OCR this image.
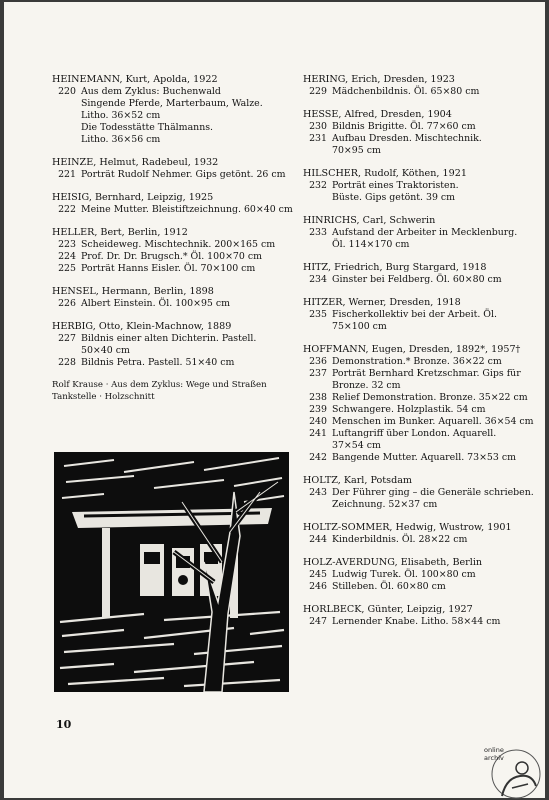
HEINEMANN, Kurt, Apolda, 1922
220 Aus dem Zyklus: Buchenwald
Singende Pferde, Marterbaum, Walze.
Litho. 36×52 cm
Die Todesstätte Thälmanns.
Litho. 36×56 cm
HEINZE, Helmut, Radebeul, 1932
221 Porträt Rudolf Nehmer. Gips getönt. 26 cm
HEISIG, Bernhard, Leipzig, 1925
222 Meine Mutter. Bleistiftzeichnung. 60×40 cm
HELLER, Bert, Berlin, 1912
223 Scheideweg. Mischtechnik. 200×165 cm
224 Prof. Dr. Dr. Brugsch.* Öl. 100×70 cm
225 Porträt Hanns Eisler. Öl. 70×100 cm
HENSEL, Hermann, Berlin, 1898
226 Albert Einstein. Öl. 100×95 cm
HERBIG, Otto, Klein-Machnow, 1889
227 Bildnis einer alten Dichterin. Pastell.
50×40 cm
228 Bildnis Petra. Pastell. 51×40 cm
Rolf Krause · Aus dem Zyklus: Wege und Straßen
Tankstelle · Holzschnitt
HERING, Erich, Dresden, 1923
229 Mädchenbildnis. Öl. 65×80 cm
HESSE, Alfred, Dresden, 1904
230 Bildnis Brigitte. Öl. 77×60 cm
231 Aufbau Dresden. Mischtechnik.
70×95 cm
HILSCHER, Rudolf, Köthen, 1921
232 Porträt eines Traktoristen.
Büste. Gips getönt. 39 cm
HINRICHS, Carl, Schwerin
233 Aufstand der Arbeiter in Mecklenburg.
Öl. 114×170 cm
HITZ, Friedrich, Burg Stargard, 1918
234 Ginster bei Feldberg. Öl. 60×80 cm
HITZER, Werner, Dresden, 1918
235 Fischerkollektiv bei der Arbeit. Öl.
75×100 cm
HOFFMANN, Eugen, Dresden, 1892*, 1957†
236 Demonstration.* Bronze. 36×22 cm
237 Porträt Bernhard Kretzschmar. Gips für
Bronze. 32 cm
238 Relief Demonstration. Bronze. 35×22 cm
239 Schwangere. Holzplastik. 54 cm
240 Menschen im Bunker. Aquarell. 36×54 cm
241 Luftangriff über London. Aquarell.
37×54 cm
242 Bangende Mutter. Aquarell. 73×53 cm
HOLTZ, Karl, Potsdam
243 Der Führer ging – die Generäle schrieben.
Zeichnung. 52×37 cm
HOLTZ-SOMMER, Hedwig, Wustrow, 1901
244 Kinderbildnis. Öl. 28×22 cm
HOLZ-AVERDUNG, Elisabeth, Berlin
245 Ludwig Turek. Öl. 100×80 cm
246 Stilleben. Öl. 60×80 cm
HORLBECK, Günter, Leipzig, 1927
247 Lernender Knabe. Litho. 58×44 cm
10
online
archiv
